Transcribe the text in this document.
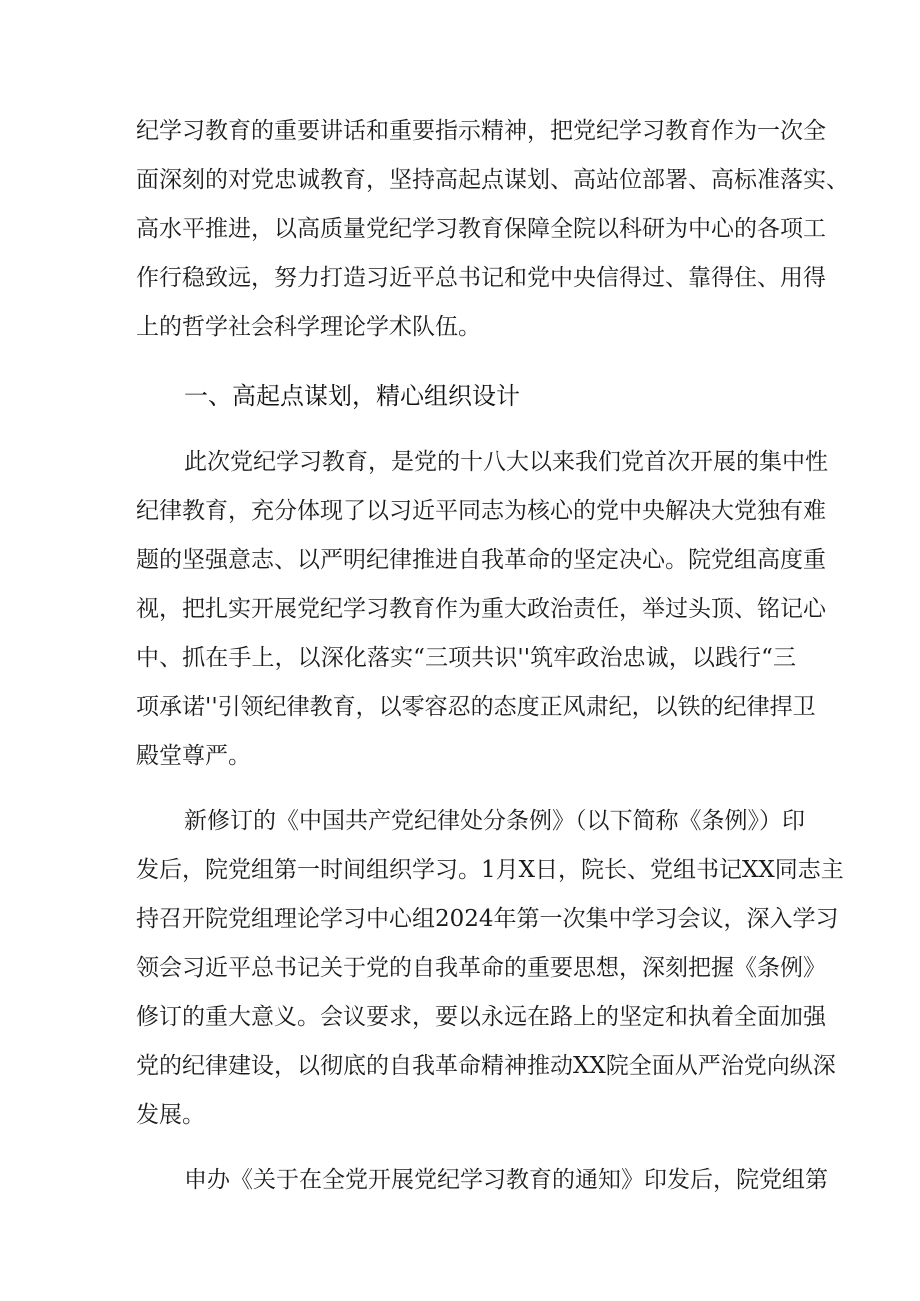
纪学习教育的重要讲话和重要指示精神，把党纪学习教育作为一次全
面深刻的对党忠诚教育，坚持高起点谋划、高站位部署、高标准落实、
高水平推进，以高质量党纪学习教育保障全院以科研为中心的各项工
作行稳致远，努力打造习近平总书记和党中央信得过、靠得住、用得
上的哲学社会科学理论学术队伍。
一、高起点谋划，精心组织设计
此次党纪学习教育，是党的十八大以来我们党首次开展的集中性
纪律教育，充分体现了以习近平同志为核心的党中央解决大党独有难
题的坚强意志、以严明纪律推进自我革命的坚定决心。院党组高度重
视，把扎实开展党纪学习教育作为重大政治责任，举过头顶、铭记心
中、抓在手上，以深化落实“三项共识''筑牢政治忠诚，以践行“三
项承诺''引领纪律教育，以零容忍的态度正风肃纪，以铁的纪律捍卫
殿堂尊严。
新修订的《中国共产党纪律处分条例》（以下简称《条例》）印
发后，院党组第一时间组织学习。1月X日，院长、党组书记XX同志主
持召开院党组理论学习中心组2024年第一次集中学习会议，深入学习
领会习近平总书记关于党的自我革命的重要思想，深刻把握《条例》
修订的重大意义。会议要求，要以永远在路上的坚定和执着全面加强
党的纪律建设，以彻底的自我革命精神推动XX院全面从严治党向纵深
发展。
申办《关于在全党开展党纪学习教育的通知》印发后，院党组第
